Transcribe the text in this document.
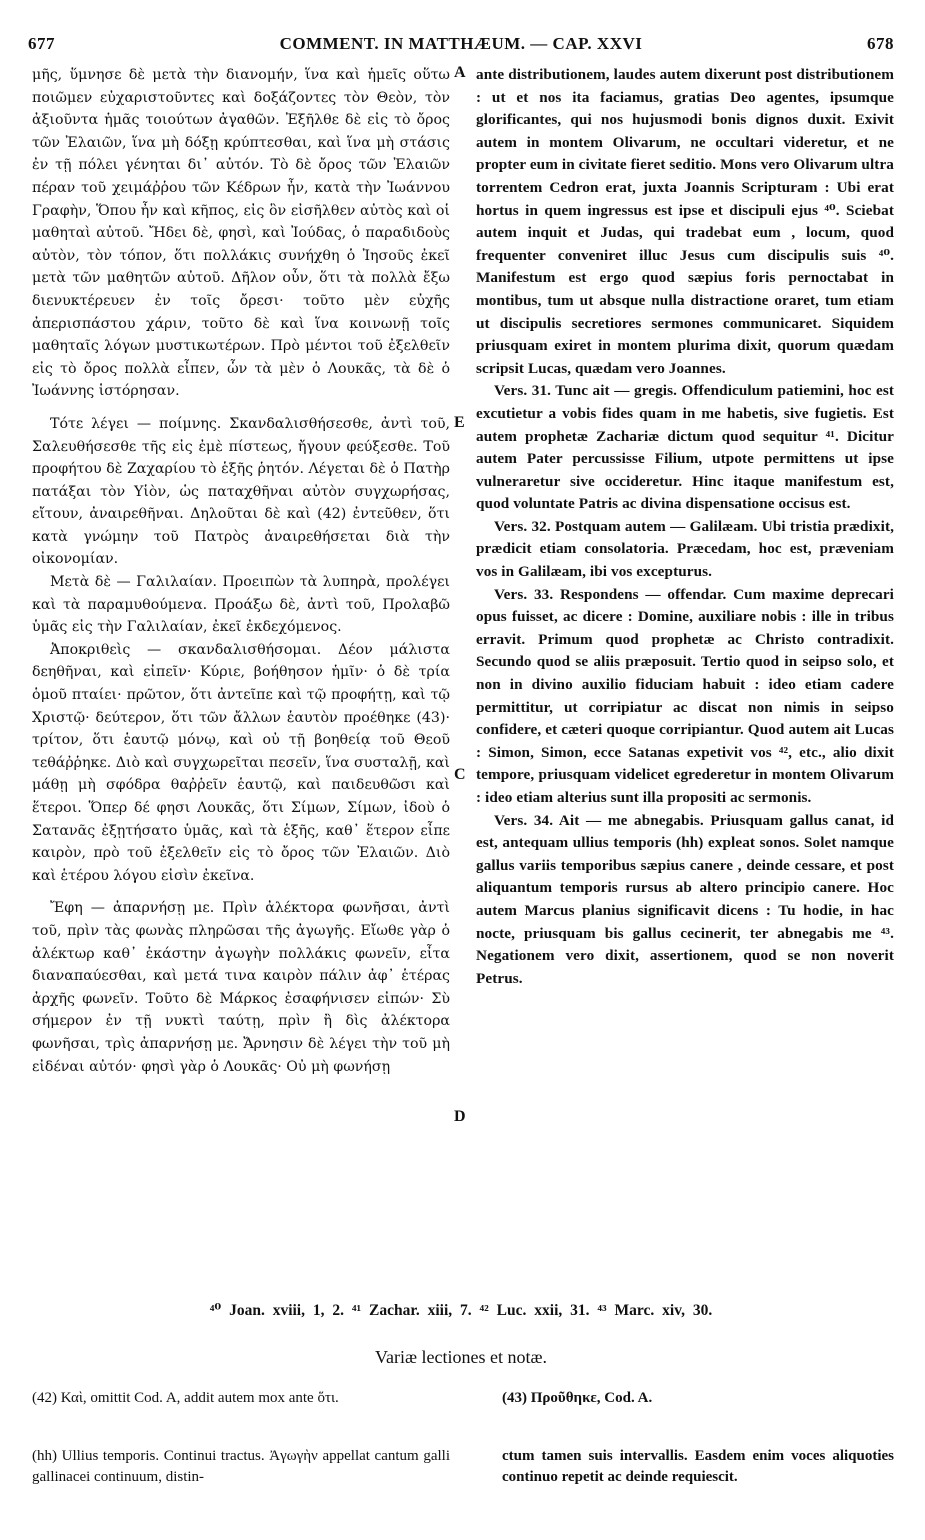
677	COMMENT. IN MATTHÆUM. — CAP. XXVI	678
A
E
C
D

μῆς, ὕμνησε δὲ μετὰ τὴν διανομήν, ἵνα καὶ ἡμεῖς οὕτω ποιῶμεν εὐχαριστοῦντες καὶ δοξάζοντες τὸν Θεὸν, τὸν ἀξιοῦντα ἡμᾶς τοιούτων ἀγαθῶν. Ἐξῆλθε δὲ εἰς τὸ ὄρος τῶν Ἐλαιῶν, ἵνα μὴ δόξῃ κρύπτεσθαι, καὶ ἵνα μὴ στάσις ἐν τῇ πόλει γένηται δι᾽ αὐτόν. Τὸ δὲ ὄρος τῶν Ἐλαιῶν πέραν τοῦ χειμάῤῥου τῶν Κέδρων ἦν, κατὰ τὴν Ἰωάννου Γραφὴν, Ὅπου ἦν καὶ κῆπος, εἰς ὃν εἰσῆλθεν αὐτὸς καὶ οἱ μαθηταὶ αὐτοῦ. Ἤδει δὲ, φησὶ, καὶ Ἰούδας, ὁ παραδιδοὺς αὐτὸν, τὸν τόπον, ὅτι πολλάκις συνήχθη ὁ Ἰησοῦς ἐκεῖ μετὰ τῶν μαθητῶν αὐτοῦ. Δῆλον οὖν, ὅτι τὰ πολλὰ ἔξω διενυκτέρευεν ἐν τοῖς ὄρεσι· τοῦτο μὲν εὐχῆς ἀπερισπάστου χάριν, τοῦτο δὲ καὶ ἵνα κοινωνῇ τοῖς μαθηταῖς λόγων μυστικωτέρων. Πρὸ μέντοι τοῦ ἐξελθεῖν εἰς τὸ ὄρος πολλὰ εἶπεν, ὧν τὰ μὲν ὁ Λουκᾶς, τὰ δὲ ὁ Ἰωάννης ἱστόρησαν.

Τότε λέγει — ποίμνης. Σκανδαλισθήσεσθε, ἀντὶ τοῦ, Σαλευθήσεσθε τῆς εἰς ἐμὲ πίστεως, ἤγουν φεύξεσθε. Τοῦ προφήτου δὲ Ζαχαρίου τὸ ἑξῆς ῥητόν. Λέγεται δὲ ὁ Πατὴρ πατάξαι τὸν Υἱὸν, ὡς παταχθῆναι αὐτὸν συγχωρήσας, εἴτουν, ἀναιρεθῆναι. Δηλοῦται δὲ καὶ (42) ἐντεῦθεν, ὅτι κατὰ γνώμην τοῦ Πατρὸς ἀναιρεθήσεται διὰ τὴν οἰκονομίαν.

Μετὰ δὲ — Γαλιλαίαν. Προειπὼν τὰ λυπηρὰ, προλέγει καὶ τὰ παραμυθούμενα. Προάξω δὲ, ἀντὶ τοῦ, Προλαβῶ ὑμᾶς εἰς τὴν Γαλιλαίαν, ἐκεῖ ἐκδεχόμενος.

Ἀποκριθεὶς — σκανδαλισθήσομαι. Δέον μάλιστα δεηθῆναι, καὶ εἰπεῖν· Κύριε, βοήθησον ἡμῖν· ὁ δὲ τρία ὁμοῦ πταίει· πρῶτον, ὅτι ἀντεῖπε καὶ τῷ προφήτῃ, καὶ τῷ Χριστῷ· δεύτερον, ὅτι τῶν ἄλλων ἑαυτὸν προέθηκε (43)· τρίτον, ὅτι ἑαυτῷ μόνῳ, καὶ οὐ τῇ βοηθείᾳ τοῦ Θεοῦ τεθάῤῥηκε. Διὸ καὶ συγχωρεῖται πεσεῖν, ἵνα συσταλῇ, καὶ μάθῃ μὴ σφόδρα θαῤῥεῖν ἑαυτῷ, καὶ παιδευθῶσι καὶ ἕτεροι. Ὅπερ δέ φησι Λουκᾶς, ὅτι Σίμων, Σίμων, ἰδοὺ ὁ Σατανᾶς ἐξῃτήσατο ὑμᾶς, καὶ τὰ ἑξῆς, καθ᾽ ἕτερον εἶπε καιρὸν, πρὸ τοῦ ἐξελθεῖν εἰς τὸ ὄρος τῶν Ἐλαιῶν. Διὸ καὶ ἑτέρου λόγου εἰσὶν ἐκεῖνα.

Ἔφη — ἀπαρνήσῃ με. Πρὶν ἀλέκτορα φωνῆσαι, ἀντὶ τοῦ, πρὶν τὰς φωνὰς πληρῶσαι τῆς ἀγωγῆς. Εἴωθε γὰρ ὁ ἀλέκτωρ καθ᾽ ἑκάστην ἀγωγὴν πολλάκις φωνεῖν, εἶτα διαναπαύεσθαι, καὶ μετά τινα καιρὸν πάλιν ἀφ᾽ ἑτέρας ἀρχῆς φωνεῖν. Τοῦτο δὲ Μάρκος ἐσαφήνισεν εἰπών· Σὺ σήμερον ἐν τῇ νυκτὶ ταύτῃ, πρὶν ἢ δὶς ἀλέκτορα φωνῆσαι, τρὶς ἀπαρνήσῃ με. Ἄρνησιν δὲ λέγει τὴν τοῦ μὴ εἰδέναι αὐτόν· φησὶ γὰρ ὁ Λουκᾶς· Οὐ μὴ φωνήσῃ

ante distributionem, laudes autem dixerunt post distributionem : ut et nos ita faciamus, gratias Deo agentes, ipsumque glorificantes, qui nos hujusmodi bonis dignos duxit. Exivit autem in montem Olivarum, ne occultari videretur, et ne propter eum in civitate fieret seditio. Mons vero Olivarum ultra torrentem Cedron erat, juxta Joannis Scripturam : Ubi erat hortus in quem ingressus est ipse et discipuli ejus ⁴⁰. Sciebat autem inquit et Judas, qui tradebat eum , locum, quod frequenter conveniret illuc Jesus cum discipulis suis ⁴⁰. Manifestum est ergo quod sæpius foris pernoctabat in montibus, tum ut absque nulla distractione oraret, tum etiam ut discipulis secretiores sermones communicaret. Siquidem priusquam exiret in montem plurima dixit, quorum quædam scripsit Lucas, quædam vero Joannes.

Vers. 31. Tunc ait — gregis. Offendiculum patiemini, hoc est excutietur a vobis fides quam in me habetis, sive fugietis. Est autem prophetæ Zachariæ dictum quod sequitur ⁴¹. Dicitur autem Pater percussisse Filium, utpote permittens ut ipse vulneraretur sive occideretur. Hinc itaque manifestum est, quod voluntate Patris ac divina dispensatione occisus est.

Vers. 32. Postquam autem — Galilæam. Ubi tristia prædixit, prædicit etiam consolatoria. Præcedam, hoc est, præveniam vos in Galilæam, ibi vos excepturus.

Vers. 33. Respondens — offendar. Cum maxime deprecari opus fuisset, ac dicere : Domine, auxiliare nobis : ille in tribus erravit. Primum quod prophetæ ac Christo contradixit. Secundo quod se aliis præposuit. Tertio quod in seipso solo, et non in divino auxilio fiduciam habuit : ideo etiam cadere permittitur, ut corripiatur ac discat non nimis in seipso confidere, et cæteri quoque corripiantur. Quod autem ait Lucas : Simon, Simon, ecce Satanas expetivit vos ⁴², etc., alio dixit tempore, priusquam videlicet egrederetur in montem Olivarum : ideo etiam alterius sunt illa propositi ac sermonis.

Vers. 34. Ait — me abnegabis. Priusquam gallus canat, id est, antequam ullius temporis (hh) expleat sonos. Solet namque gallus variis temporibus sæpius canere , deinde cessare, et post aliquantum temporis rursus ab altero principio canere. Hoc autem Marcus planius significavit dicens : Tu hodie, in hac nocte, priusquam bis gallus cecinerit, ter abnegabis me ⁴³. Negationem vero dixit, assertionem, quod se non noverit Petrus.

⁴⁰ Joan. xviii, 1, 2. ⁴¹ Zachar. xiii, 7. ⁴² Luc. xxii, 31. ⁴³ Marc. xiv, 30.
Variæ lectiones et notæ.
(42) Καὶ, omittit Cod. A, addit autem mox ante ὅτι.	(43) Προῦθηκε, Cod. A.
(hh) Ullius temporis. Continui tractus. Ἀγωγὴν appellat cantum galli gallinacei continuum, distin-
ctum tamen suis intervallis. Easdem enim voces aliquoties continuo repetit ac deinde requiescit.
